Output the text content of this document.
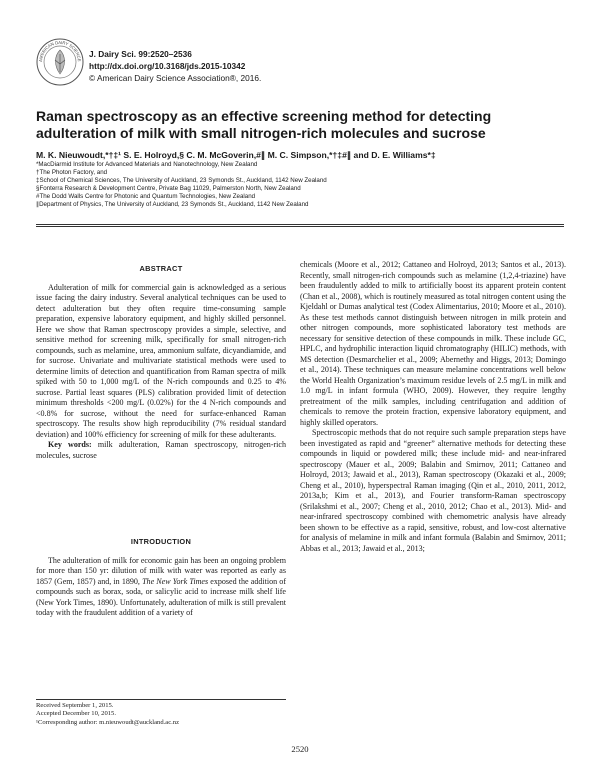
AMERICAN DAIRY SCIENCE
J. Dairy Sci. 99:2520–2536
http://dx.doi.org/10.3168/jds.2015-10342
© American Dairy Science Association®, 2016.
Raman spectroscopy as an effective screening method for detecting adulteration of milk with small nitrogen-rich molecules and sucrose
M. K. Nieuwoudt,*†‡¹ S. E. Holroyd,§ C. M. McGoverin,#∥ M. C. Simpson,*†‡#∥ and D. E. Williams*‡
*MacDiarmid Institute for Advanced Materials and Nanotechnology, New Zealand
†The Photon Factory, and
‡School of Chemical Sciences, The University of Auckland, 23 Symonds St., Auckland, 1142 New Zealand
§Fonterra Research & Development Centre, Private Bag 11029, Palmerston North, New Zealand
#The Dodd Walls Centre for Photonic and Quantum Technologies, New Zealand
∥Department of Physics, The University of Auckland, 23 Symonds St., Auckland, 1142 New Zealand
ABSTRACT

Adulteration of milk for commercial gain is acknowledged as a serious issue facing the dairy industry. Several analytical techniques can be used to detect adulteration but they often require time-consuming sample preparation, expensive laboratory equipment, and highly skilled personnel. Here we show that Raman spectroscopy provides a simple, selective, and sensitive method for screening milk, specifically for small nitrogen-rich compounds, such as melamine, urea, ammonium sulfate, dicyandiamide, and for sucrose. Univariate and multivariate statistical methods were used to determine limits of detection and quantification from Raman spectra of milk spiked with 50 to 1,000 mg/L of the N-rich compounds and 0.25 to 4% sucrose. Partial least squares (PLS) calibration provided limit of detection minimum thresholds <200 mg/L (0.02%) for the 4 N-rich compounds and <0.8% for sucrose, without the need for surface-enhanced Raman spectroscopy. The results show high reproducibility (7% residual standard deviation) and 100% efficiency for screening of milk for these adulterants.

Key words: milk adulteration, Raman spectroscopy, nitrogen-rich molecules, sucrose

INTRODUCTION

The adulteration of milk for economic gain has been an ongoing problem for more than 150 yr: dilution of milk with water was reported as early as 1857 (Gem, 1857) and, in 1890, The New York Times exposed the addition of compounds such as borax, soda, or salicylic acid to increase milk shelf life (New York Times, 1890). Unfortunately, adulteration of milk is still prevalent today with the fraudulent addition of a variety of

Received September 1, 2015.
Accepted December 10, 2015.
¹Corresponding author: m.nieuwoudt@auckland.ac.nz

chemicals (Moore et al., 2012; Cattaneo and Holroyd, 2013; Santos et al., 2013). Recently, small nitrogen-rich compounds such as melamine (1,2,4-triazine) have been fraudulently added to milk to artificially boost its apparent protein content (Chan et al., 2008), which is routinely measured as total nitrogen content using the Kjeldahl or Dumas analytical test (Codex Alimentarius, 2010; Moore et al., 2010). As these test methods cannot distinguish between nitrogen in milk protein and other nitrogen compounds, more sophisticated laboratory test methods are necessary for sensitive detection of these compounds in milk. These include GC, HPLC, and hydrophilic interaction liquid chromatography (HILIC) methods, with MS detection (Desmarchelier et al., 2009; Abernethy and Higgs, 2013; Domingo et al., 2014). These techniques can measure melamine concentrations well below the World Health Organization’s maximum residue levels of 2.5 mg/L in milk and 1.0 mg/L in infant formula (WHO, 2009). However, they require lengthy pretreatment of the milk samples, including centrifugation and addition of chemicals to remove the protein fraction, expensive laboratory equipment, and highly skilled operators.

Spectroscopic methods that do not require such sample preparation steps have been investigated as rapid and “greener” alternative methods for detecting these compounds in liquid or powdered milk; these include mid- and near-infrared spectroscopy (Mauer et al., 2009; Balabin and Smirnov, 2011; Cattaneo and Holroyd, 2013; Jawaid et al., 2013), Raman spectroscopy (Okazaki et al., 2009; Cheng et al., 2010), hyperspectral Raman imaging (Qin et al., 2010, 2011, 2012, 2013a,b; Kim et al., 2013), and Fourier transform-Raman spectroscopy (Srilakshmi et al., 2007; Cheng et al., 2010, 2012; Chao et al., 2013). Mid- and near-infrared spectroscopy combined with chemometric analysis have already been shown to be effective as a rapid, sensitive, robust, and low-cost alternative for analysis of melamine in milk and infant formula (Balabin and Smirnov, 2011; Abbas et al., 2013; Jawaid et al., 2013;

2520
